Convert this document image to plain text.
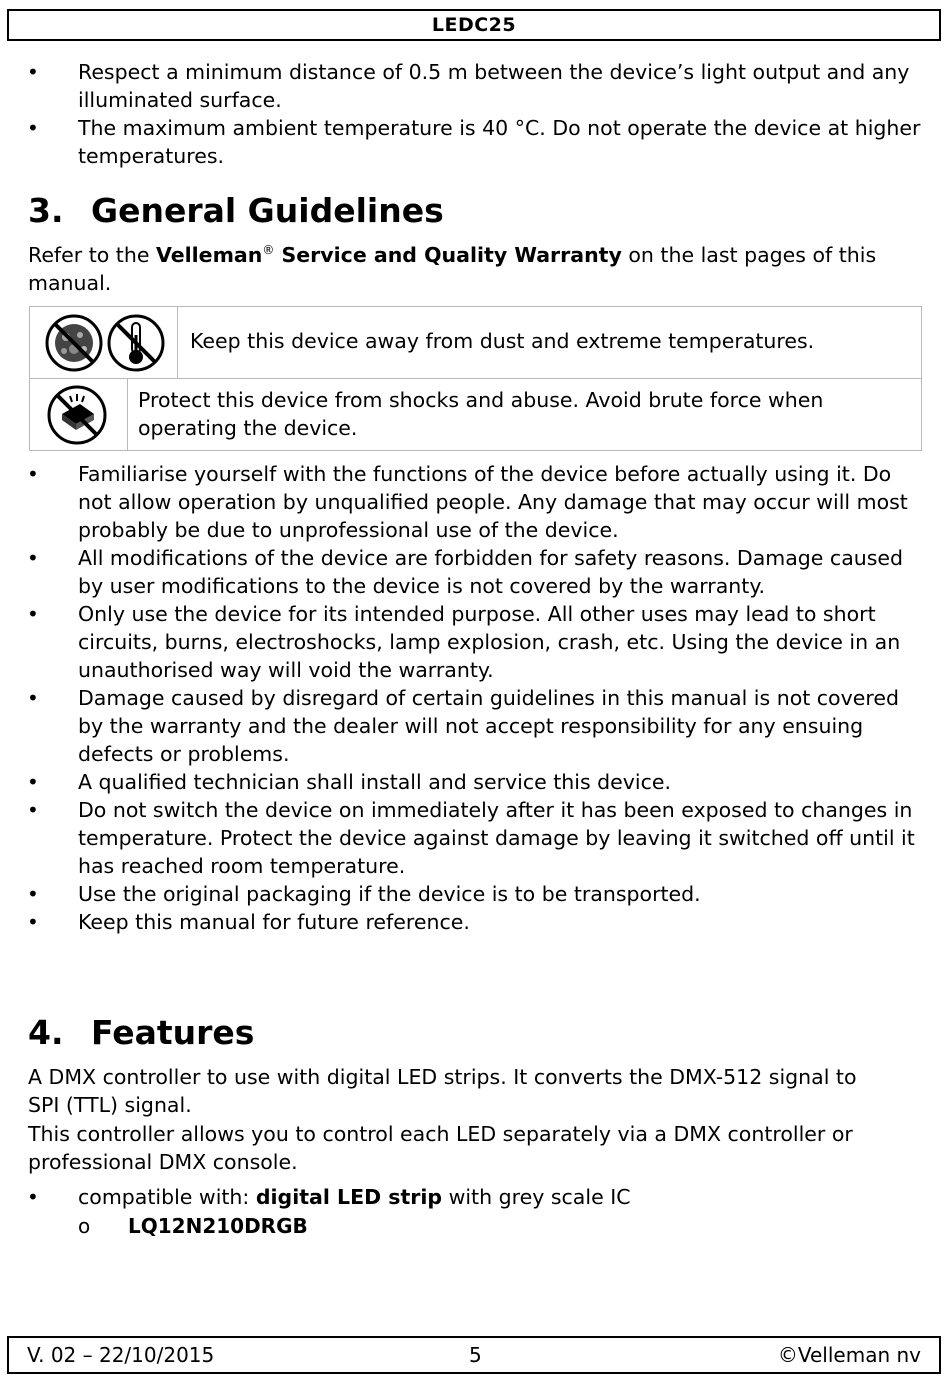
LEDC25
• Respect a minimum distance of 0.5 m between the device’s light output and any illuminated surface.
• The maximum ambient temperature is 40 °C. Do not operate the device at higher temperatures.
3. General Guidelines

Refer to the Velleman® Service and Quality Warranty on the last pages of this manual.

Keep this device away from dust and extreme temperatures.
Protect this device from shocks and abuse. Avoid brute force when operating the device.
• Familiarise yourself with the functions of the device before actually using it. Do not allow operation by unqualified people. Any damage that may occur will most probably be due to unprofessional use of the device.
• All modifications of the device are forbidden for safety reasons. Damage caused by user modifications to the device is not covered by the warranty.
• Only use the device for its intended purpose. All other uses may lead to short circuits, burns, electroshocks, lamp explosion, crash, etc. Using the device in an unauthorised way will void the warranty.
• Damage caused by disregard of certain guidelines in this manual is not covered by the warranty and the dealer will not accept responsibility for any ensuing defects or problems.
• A qualified technician shall install and service this device.
• Do not switch the device on immediately after it has been exposed to changes in temperature. Protect the device against damage by leaving it switched off until it has reached room temperature.
• Use the original packaging if the device is to be transported.
• Keep this manual for future reference.
4. Features

A DMX controller to use with digital LED strips. It converts the DMX-512 signal to SPI (TTL) signal.

This controller allows you to control each LED separately via a DMX controller or professional DMX console.

• compatible with: digital LED strip with grey scale IC
o LQ12N210DRGB
V. 02 – 22/10/2015	5	©Velleman nv
